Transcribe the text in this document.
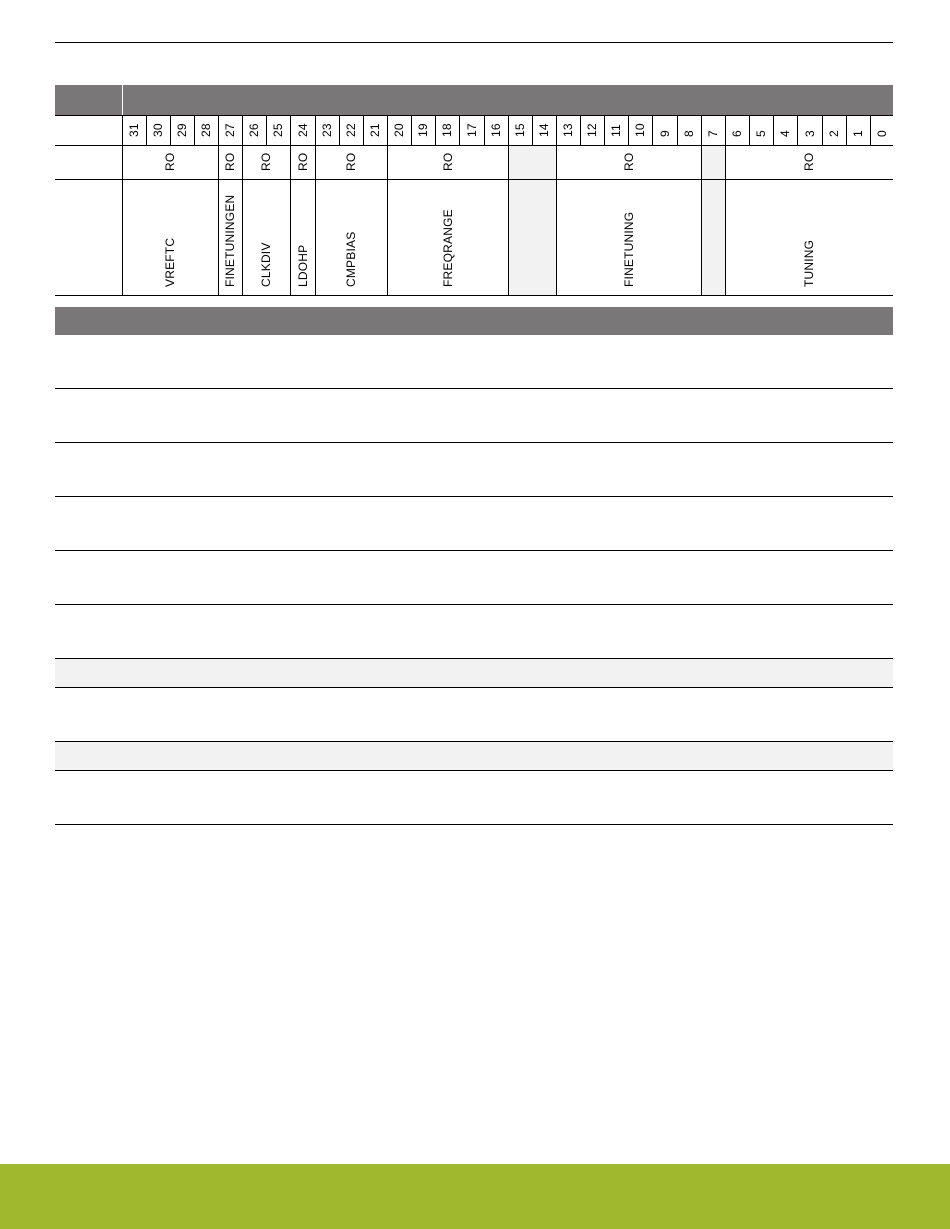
31 30 29 28 27 26 25 24 23 22 21 20 19 18 17 16 15 14 13 12 11 10 9 8 7 6 5 4 3 2 1 0
RO
VREFTC
RO
FINETUNINGEN
RO
CLKDIV
RO
LDOHP
RO
CMPBIAS
RO
FREQRANGE
RO
FINETUNING
RO
TUNING
